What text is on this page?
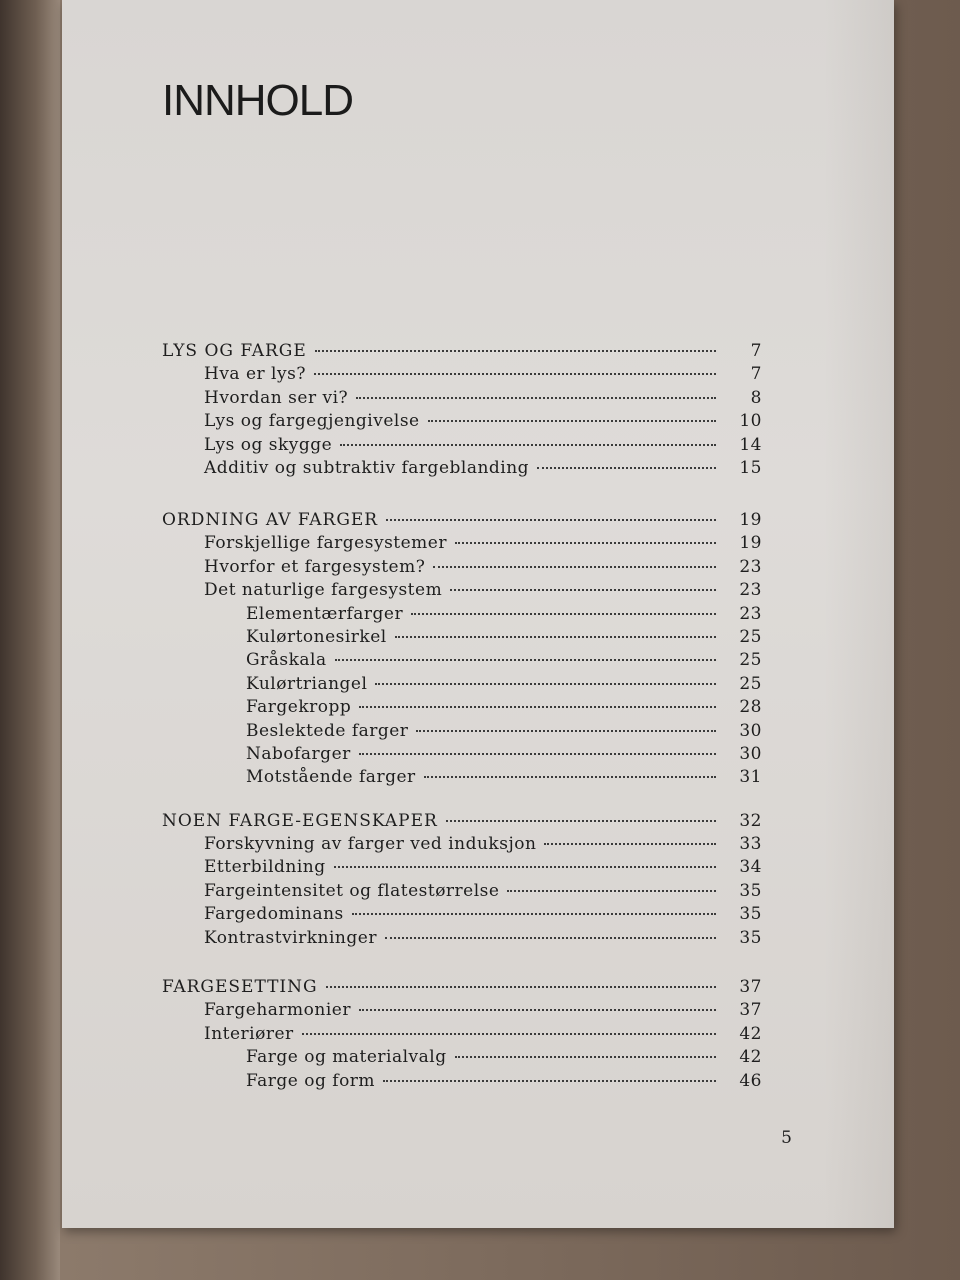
INNHOLD
LYS OG FARGE	7
Hva er lys?	7
Hvordan ser vi?	8
Lys og fargegjengivelse	10
Lys og skygge	14
Additiv og subtraktiv fargeblanding	15
ORDNING AV FARGER	19
Forskjellige fargesystemer	19
Hvorfor et fargesystem?	23
Det naturlige fargesystem	23
Elementærfarger	23
Kulørtonesirkel	25
Gråskala	25
Kulørtriangel	25
Fargekropp	28
Beslektede farger	30
Nabofarger	30
Motstående farger	31
NOEN FARGE-EGENSKAPER	32
Forskyvning av farger ved induksjon	33
Etterbildning	34
Fargeintensitet og flatestørrelse	35
Fargedominans	35
Kontrastvirkninger	35
FARGESETTING	37
Fargeharmonier	37
Interiører	42
Farge og materialvalg	42
Farge og form	46
5
